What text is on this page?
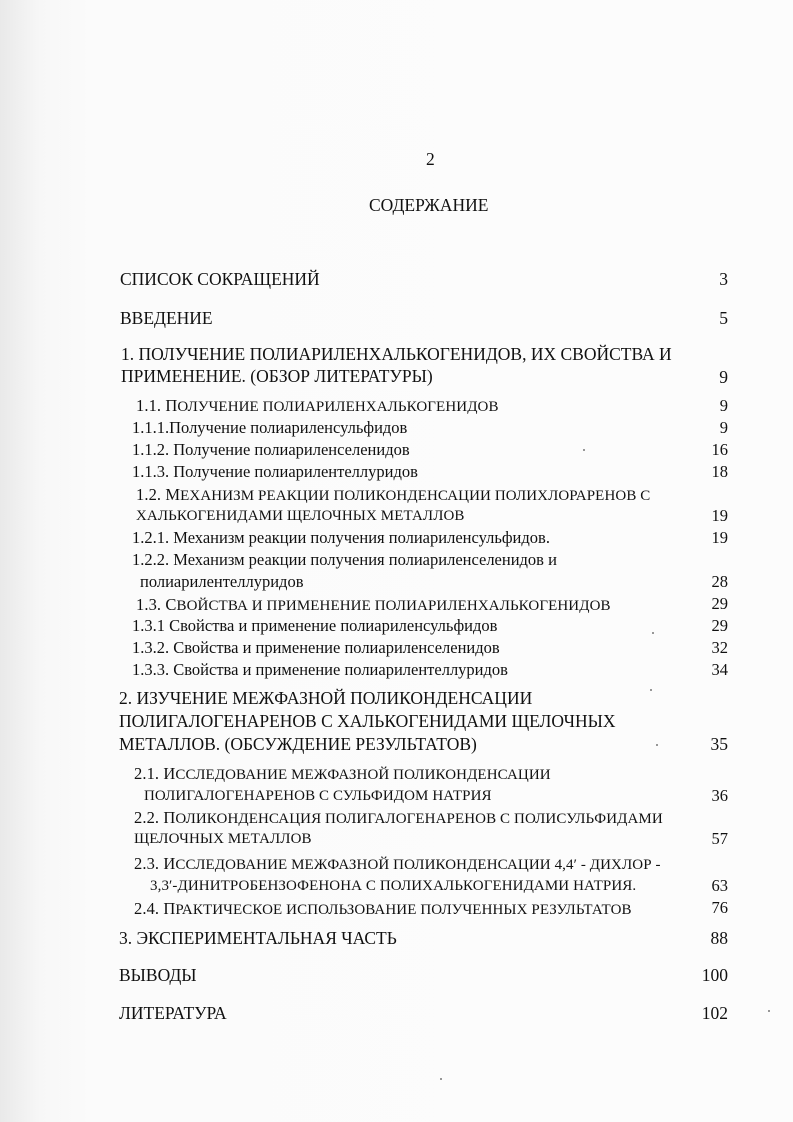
2
СОДЕРЖАНИЕ
СПИСОК СОКРАЩЕНИЙ	3
ВВЕДЕНИЕ	5
1. ПОЛУЧЕНИЕ ПОЛИАРИЛЕНХАЛЬКОГЕНИДОВ, ИХ СВОЙСТВА И
ПРИМЕНЕНИЕ. (ОБЗОР ЛИТЕРАТУРЫ)	9
1.1. ПОЛУЧЕНИЕ ПОЛИАРИЛЕНХАЛЬКОГЕНИДОВ	9
1.1.1.Получение полиариленсульфидов	9
1.1.2. Получение полиариленселенидов	16
1.1.3. Получение полиарилентеллуридов	18
1.2. МЕХАНИЗМ РЕАКЦИИ ПОЛИКОНДЕНСАЦИИ ПОЛИХЛОРАРЕНОВ С
ХАЛЬКОГЕНИДАМИ ЩЕЛОЧНЫХ МЕТАЛЛОВ	19
1.2.1. Механизм реакции получения полиариленсульфидов.	19
1.2.2. Механизм реакции получения полиариленселенидов и
полиарилентеллуридов	28
1.3. СВОЙСТВА И ПРИМЕНЕНИЕ ПОЛИАРИЛЕНХАЛЬКОГЕНИДОВ	29
1.3.1 Свойства и применение полиариленсульфидов	29
1.3.2. Свойства и применение полиариленселенидов	32
1.3.3. Свойства и применение полиарилентеллуридов	34
2. ИЗУЧЕНИЕ МЕЖФАЗНОЙ ПОЛИКОНДЕНСАЦИИ
ПОЛИГАЛОГЕНАРЕНОВ С ХАЛЬКОГЕНИДАМИ ЩЕЛОЧНЫХ
МЕТАЛЛОВ. (ОБСУЖДЕНИЕ РЕЗУЛЬТАТОВ)	35
2.1. ИССЛЕДОВАНИЕ МЕЖФАЗНОЙ ПОЛИКОНДЕНСАЦИИ
ПОЛИГАЛОГЕНАРЕНОВ С СУЛЬФИДОМ НАТРИЯ	36
2.2. ПОЛИКОНДЕНСАЦИЯ ПОЛИГАЛОГЕНАРЕНОВ С ПОЛИСУЛЬФИДАМИ
ЩЕЛОЧНЫХ МЕТАЛЛОВ	57
2.3. ИССЛЕДОВАНИЕ МЕЖФАЗНОЙ ПОЛИКОНДЕНСАЦИИ 4,4′ - ДИХЛОР -
3,3′-ДИНИТРОБЕНЗОФЕНОНА С ПОЛИХАЛЬКОГЕНИДАМИ НАТРИЯ.	63
2.4. ПРАКТИЧЕСКОЕ ИСПОЛЬЗОВАНИЕ ПОЛУЧЕННЫХ РЕЗУЛЬТАТОВ	76
3. ЭКСПЕРИМЕНТАЛЬНАЯ ЧАСТЬ	88
ВЫВОДЫ	100
ЛИТЕРАТУРА	102
